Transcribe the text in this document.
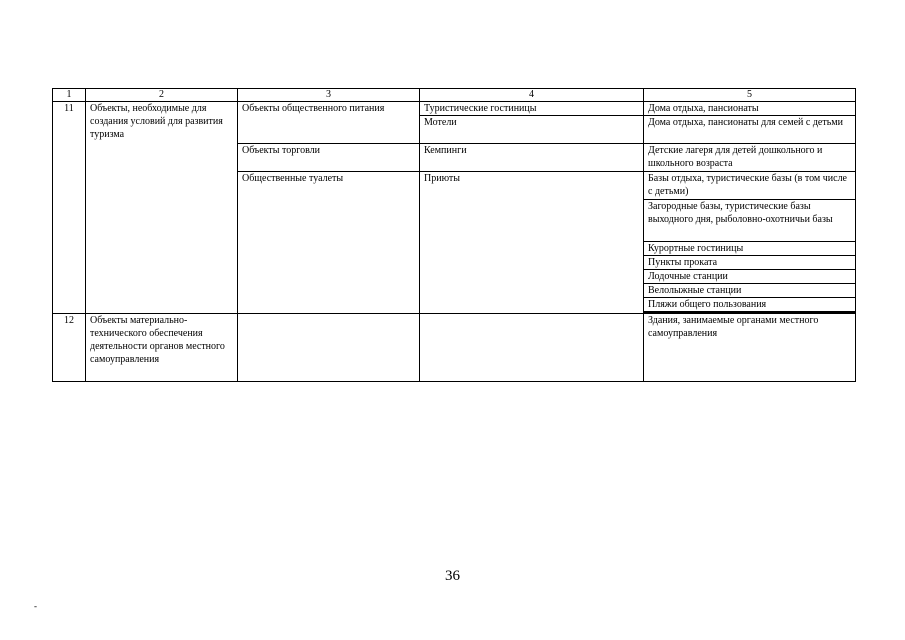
1	2	3	4	5
11	Объекты, необходимые для создания условий для развития туризма	Объекты общественного питания	Туристические гостиницы	Дома отдыха, пансионаты
			Мотели	Дома отдыха, пансионаты для семей с детьми
		Объекты торговли	Кемпинги	Детские лагеря для детей дошкольного и школьного возраста
		Общественные туалеты	Приюты	Базы отдыха, туристические базы (в том числе с детьми)
				Загородные базы, туристические базы выходного дня, рыболовно-охотничьи базы
				Курортные гостиницы
				Пункты проката
				Лодочные станции
				Велолыжные станции
				Пляжи общего пользования

12	Объекты материально-технического обеспечения деятельности органов местного самоуправления			Здания, занимаемые органами местного самоуправления
36
-
